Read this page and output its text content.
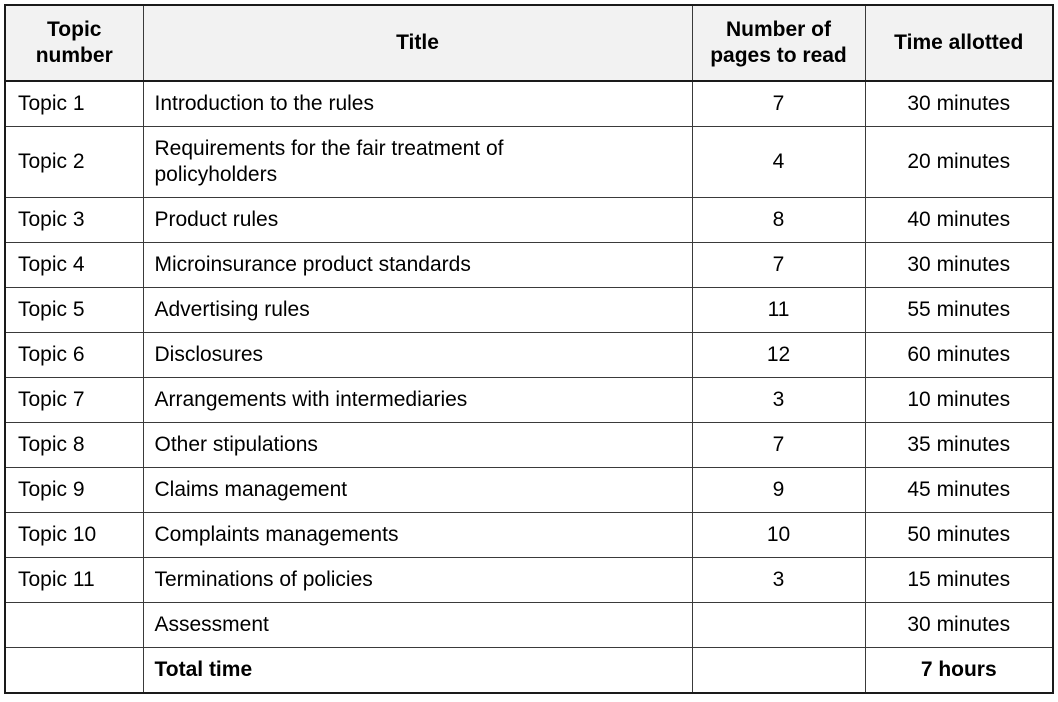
Topic number	Title	Number of pages to read	Time allotted
Topic 1	Introduction to the rules	7	30 minutes
Topic 2	Requirements for the fair treatment of policyholders	4	20 minutes
Topic 3	Product rules	8	40 minutes
Topic 4	Microinsurance product standards	7	30 minutes
Topic 5	Advertising rules	11	55 minutes
Topic 6	Disclosures	12	60 minutes
Topic 7	Arrangements with intermediaries	3	10 minutes
Topic 8	Other stipulations	7	35 minutes
Topic 9	Claims management	9	45 minutes
Topic 10	Complaints managements	10	50 minutes
Topic 11	Terminations of policies	3	15 minutes
	Assessment		30 minutes
	Total time		7 hours
